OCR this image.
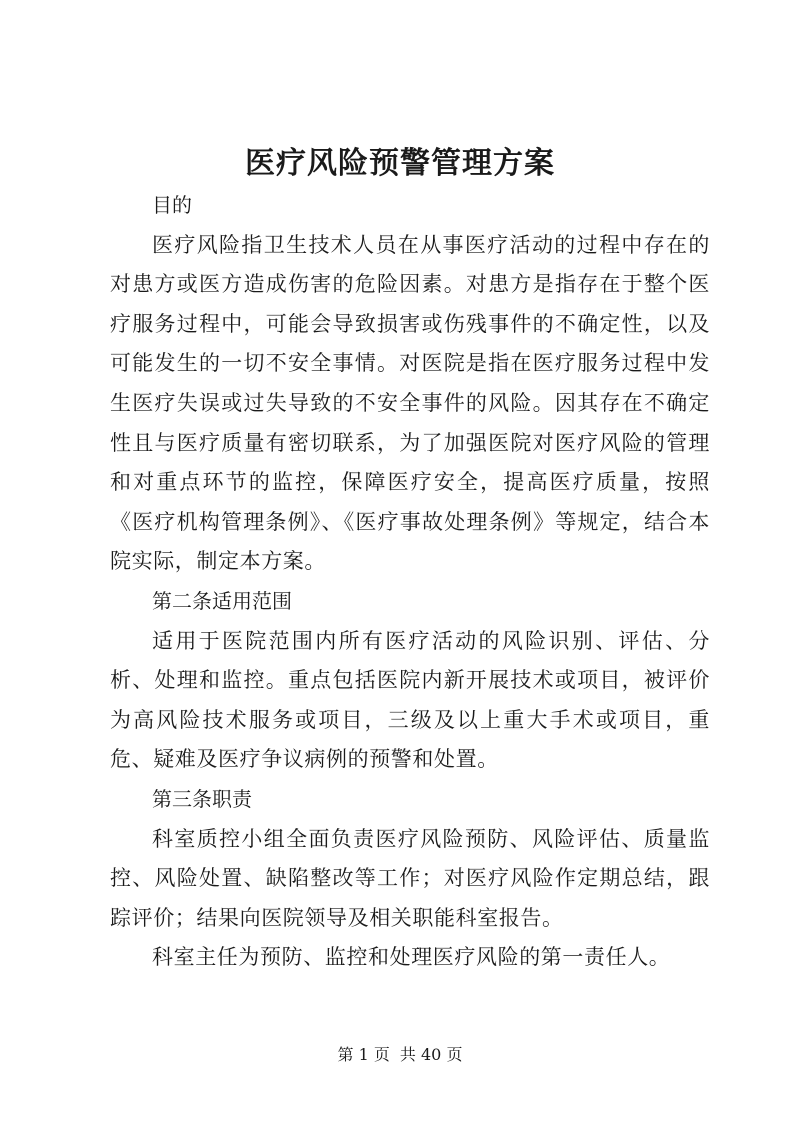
医疗风险预警管理方案

目的

医疗风险指卫生技术人员在从事医疗活动的过程中存在的对患方或医方造成伤害的危险因素。对患方是指存在于整个医疗服务过程中，可能会导致损害或伤残事件的不确定性，以及可能发生的一切不安全事情。对医院是指在医疗服务过程中发生医疗失误或过失导致的不安全事件的风险。因其存在不确定性且与医疗质量有密切联系，为了加强医院对医疗风险的管理和对重点环节的监控，保障医疗安全，提高医疗质量，按照《医疗机构管理条例》、《医疗事故处理条例》等规定，结合本院实际，制定本方案。

第二条适用范围

适用于医院范围内所有医疗活动的风险识别、评估、分析、处理和监控。重点包括医院内新开展技术或项目，被评价为高风险技术服务或项目，三级及以上重大手术或项目，重危、疑难及医疗争议病例的预警和处置。

第三条职责

科室质控小组全面负责医疗风险预防、风险评估、质量监控、风险处置、缺陷整改等工作；对医疗风险作定期总结，跟踪评价；结果向医院领导及相关职能科室报告。

科室主任为预防、监控和处理医疗风险的第一责任人。

第 1 页 共 40 页
